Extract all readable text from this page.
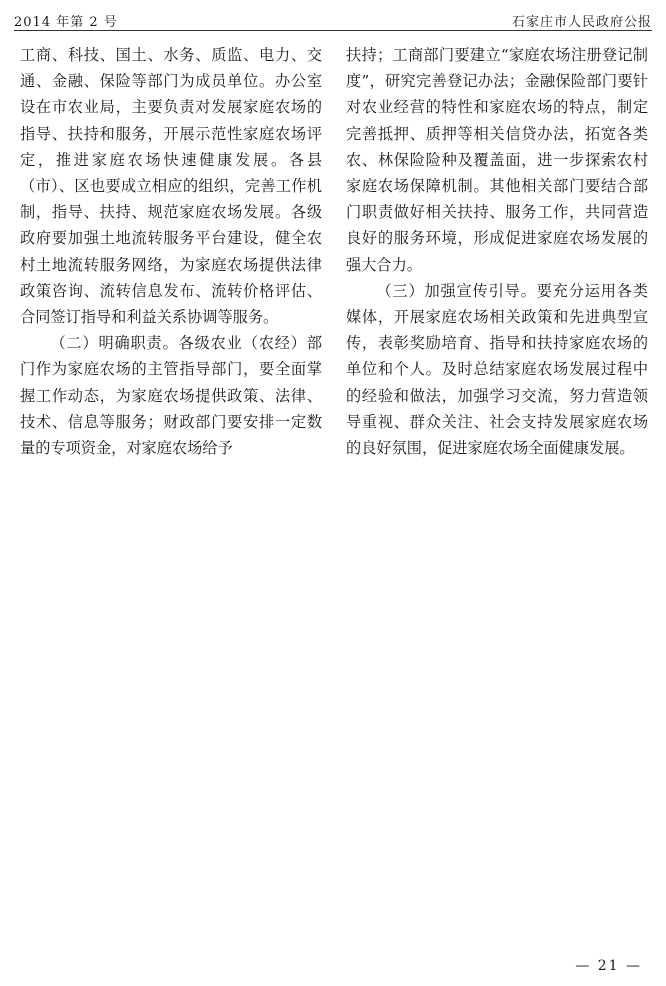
2014 年第 2 号	石家庄市人民政府公报

工商、科技、国土、水务、质监、电力、交通、金融、保险等部门为成员单位。办公室设在市农业局，主要负责对发展家庭农场的指导、扶持和服务，开展示范性家庭农场评定，推进家庭农场快速健康发展。各县（市）、区也要成立相应的组织，完善工作机制，指导、扶持、规范家庭农场发展。各级政府要加强土地流转服务平台建设，健全农村土地流转服务网络，为家庭农场提供法律政策咨询、流转信息发布、流转价格评估、合同签订指导和利益关系协调等服务。

（二）明确职责。各级农业（农经）部门作为家庭农场的主管指导部门，要全面掌握工作动态，为家庭农场提供政策、法律、技术、信息等服务；财政部门要安排一定数量的专项资金，对家庭农场给予

扶持；工商部门要建立“家庭农场注册登记制度”，研究完善登记办法；金融保险部门要针对农业经营的特性和家庭农场的特点，制定完善抵押、质押等相关信贷办法，拓宽各类农、林保险险种及覆盖面，进一步探索农村家庭农场保障机制。其他相关部门要结合部门职责做好相关扶持、服务工作，共同营造良好的服务环境，形成促进家庭农场发展的强大合力。

（三）加强宣传引导。要充分运用各类媒体，开展家庭农场相关政策和先进典型宣传，表彰奖励培育、指导和扶持家庭农场的单位和个人。及时总结家庭农场发展过程中的经验和做法，加强学习交流，努力营造领导重视、群众关注、社会支持发展家庭农场的良好氛围，促进家庭农场全面健康发展。

— 21 —
